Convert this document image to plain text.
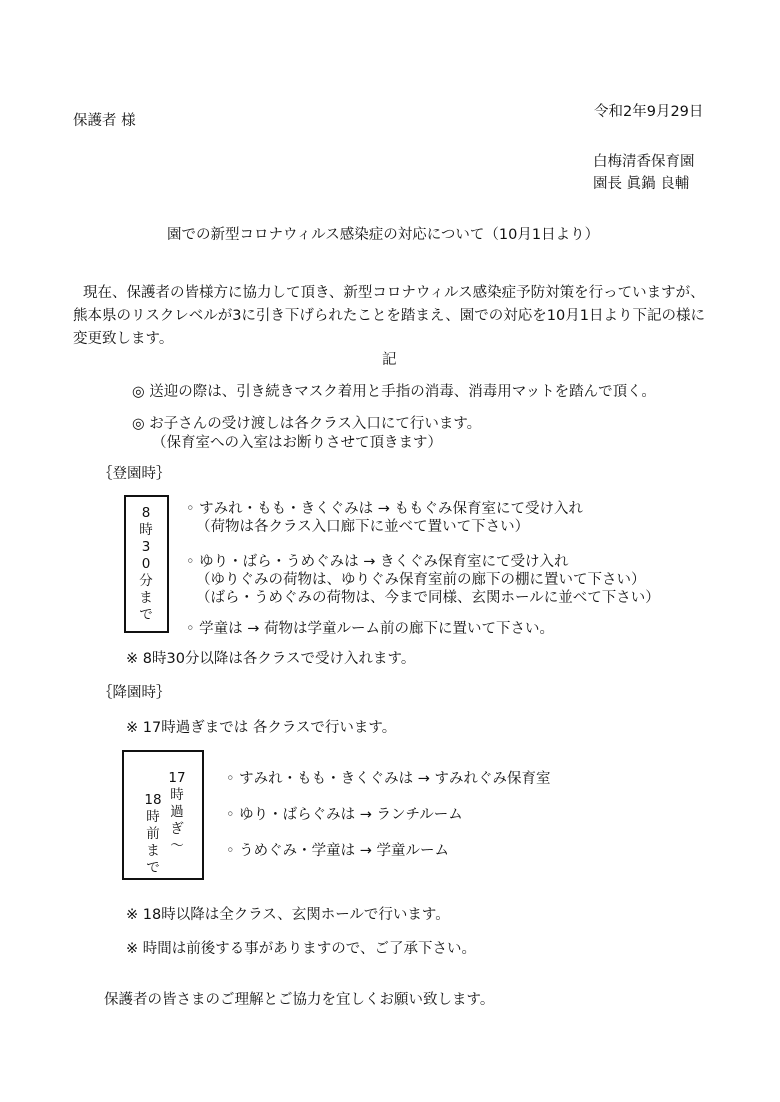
保護者 様
令和2年9月29日
白梅清香保育園
園長 眞鍋 良輔
園での新型コロナウィルス感染症の対応について（10月1日より）
現在、保護者の皆様方に協力して頂き、新型コロナウィルス感染症予防対策を行っていますが、
熊本県のリスクレベルが3に引き下げられたことを踏まえ、園での対応を10月1日より下記の様に
変更致します。
記
◎ 送迎の際は、引き続きマスク着用と手指の消毒、消毒用マットを踏んで頂く。
◎ お子さんの受け渡しは各クラス入口にて行います。
（保育室への入室はお断りさせて頂きます）
｛登園時｝
8
時
3
0
分
ま
で
◦ すみれ・もも・きくぐみは → ももぐみ保育室にて受け入れ
（荷物は各クラス入口廊下に並べて置いて下さい）
◦ ゆり・ばら・うめぐみは → きくぐみ保育室にて受け入れ
（ゆりぐみの荷物は、ゆりぐみ保育室前の廊下の棚に置いて下さい）
（ばら・うめぐみの荷物は、今まで同様、玄関ホールに並べて下さい）
◦ 学童は → 荷物は学童ルーム前の廊下に置いて下さい。
※ 8時30分以降は各クラスで受け入れます。
｛降園時｝
※ 17時過ぎまでは 各クラスで行います。
18
時
前
ま
で
17
時
過
ぎ
～
◦ すみれ・もも・きくぐみは → すみれぐみ保育室
◦ ゆり・ばらぐみは → ランチルーム
◦ うめぐみ・学童は → 学童ルーム
※ 18時以降は全クラス、玄関ホールで行います。
※ 時間は前後する事がありますので、ご了承下さい。
保護者の皆さまのご理解とご協力を宜しくお願い致します。
